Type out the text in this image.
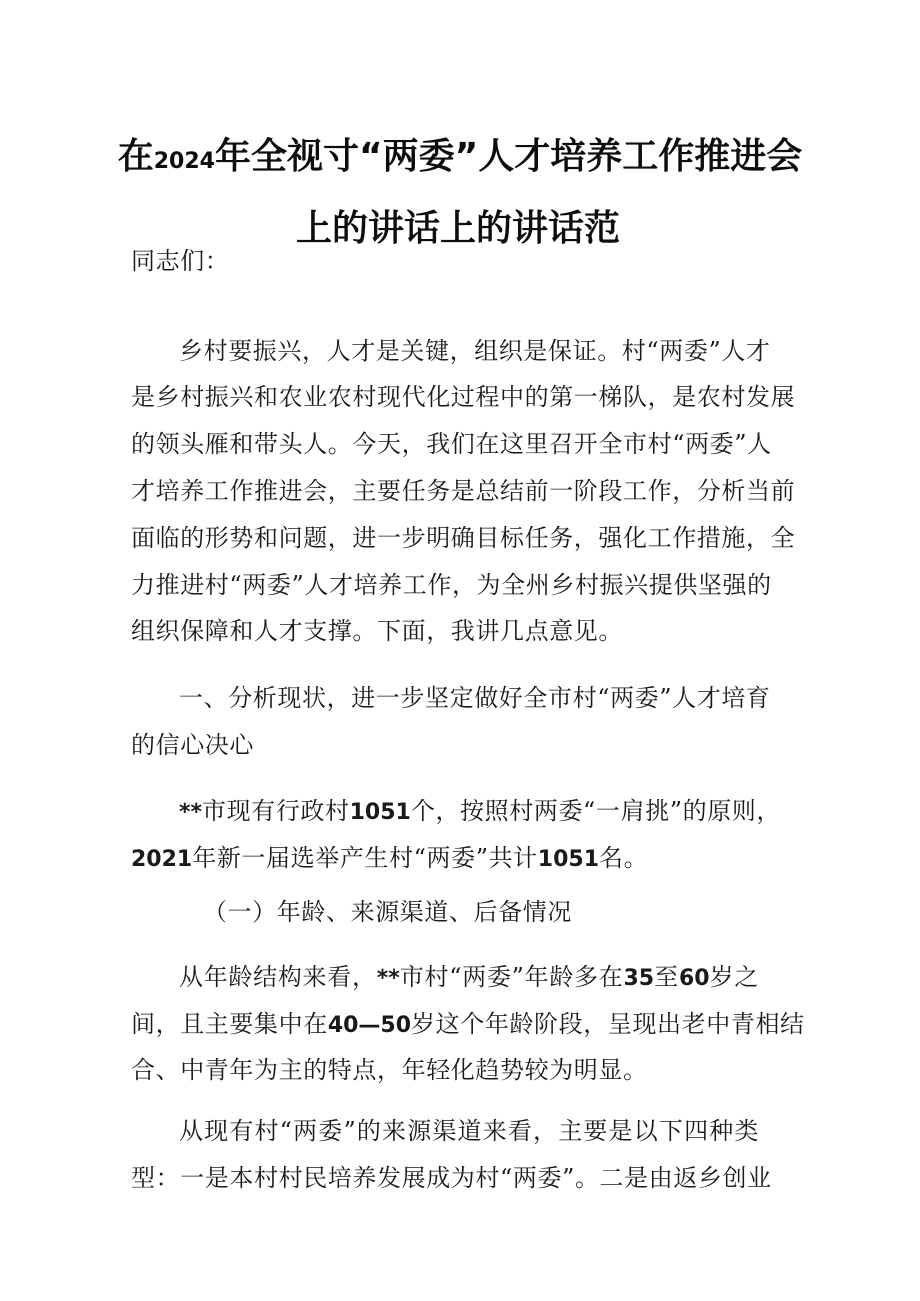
在2024年全视寸“两委”人才培养工作推进会
上的讲话上的讲话范
同志们：
乡村要振兴，人才是关键，组织是保证。村“两委”人才
是乡村振兴和农业农村现代化过程中的第一梯队，是农村发展
的领头雁和带头人。今天，我们在这里召开全市村“两委”人
才培养工作推进会，主要任务是总结前一阶段工作，分析当前
面临的形势和问题，进一步明确目标任务，强化工作措施，全
力推进村“两委”人才培养工作，为全州乡村振兴提供坚强的
组织保障和人才支撑。下面，我讲几点意见。
一、分析现状，进一步坚定做好全市村“两委”人才培育
的信心决心
**市现有行政村1051个，按照村两委“一肩挑”的原则，
2021年新一届选举产生村“两委”共计1051名。
（一）年龄、来源渠道、后备情况
从年龄结构来看，**市村“两委”年龄多在35至60岁之
间，且主要集中在40—50岁这个年龄阶段，呈现出老中青相结
合、中青年为主的特点，年轻化趋势较为明显。
从现有村“两委”的来源渠道来看，主要是以下四种类
型：一是本村村民培养发展成为村“两委”。二是由返乡创业
